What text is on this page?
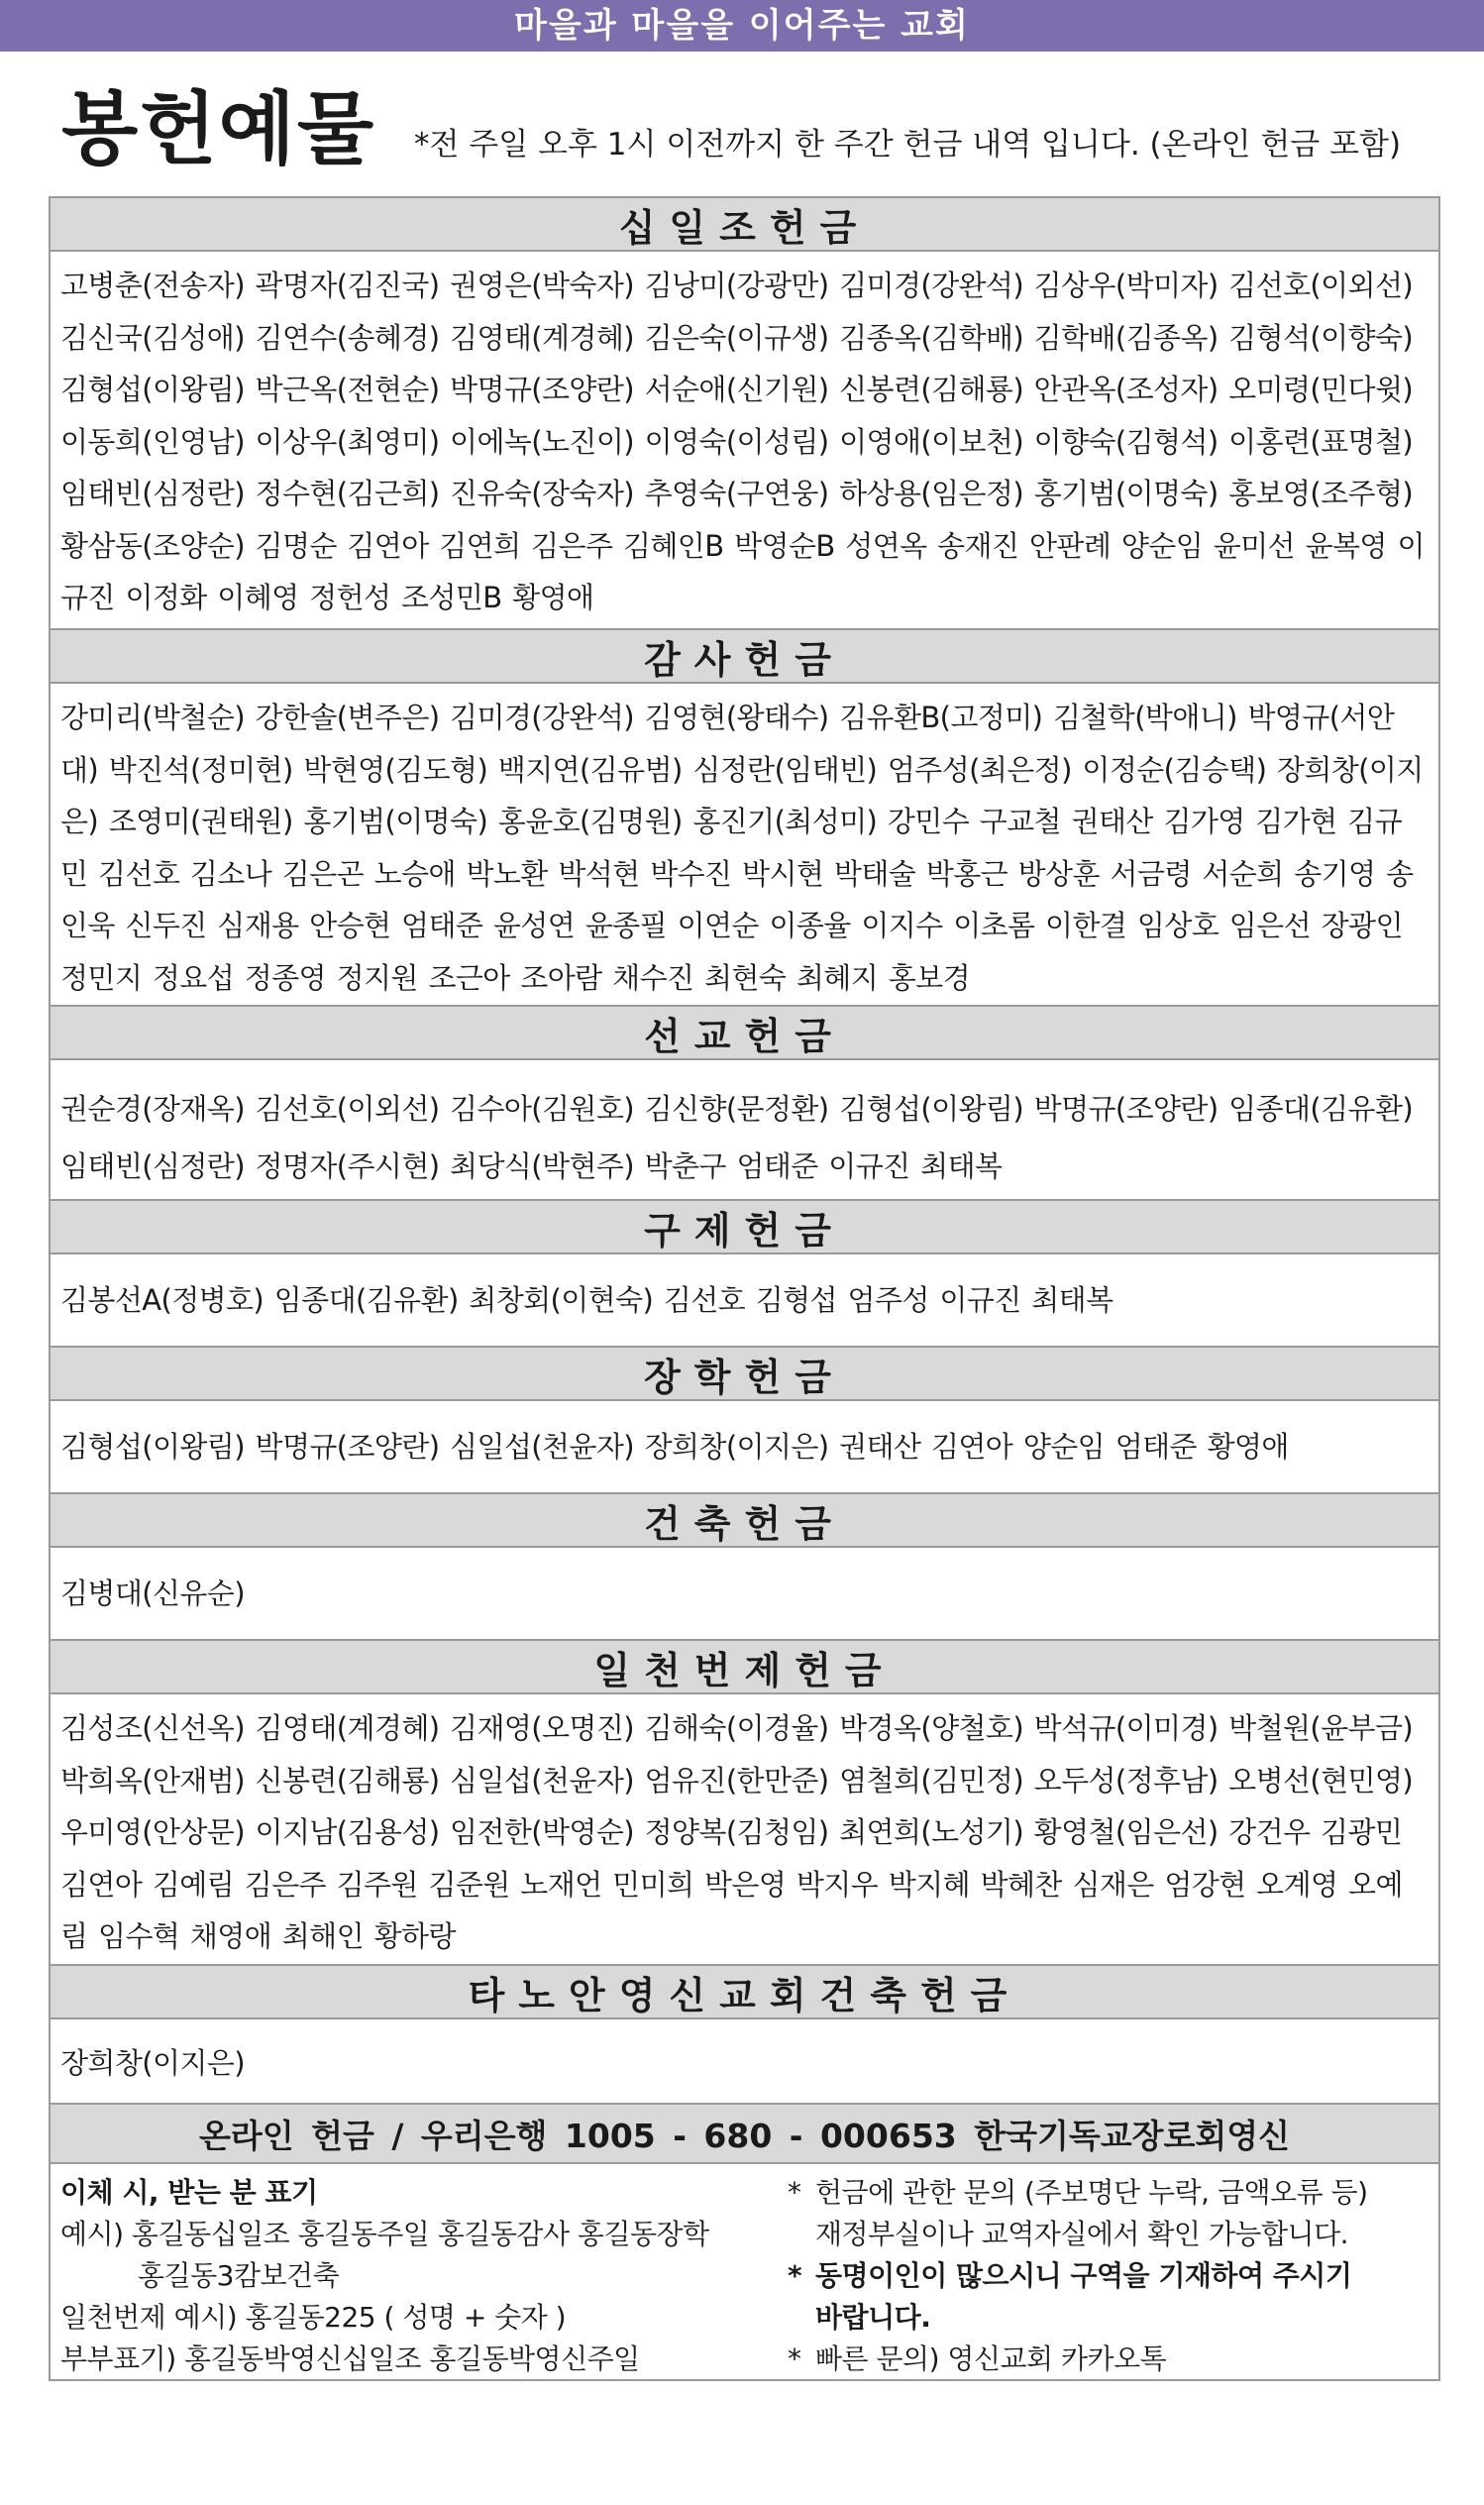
마을과 마을을 이어주는 교회
봉헌예물 *전 주일 오후 1시 이전까지 한 주간 헌금 내역 입니다. (온라인 헌금 포함)
십일조헌금
고병춘(전송자) 곽명자(김진국) 권영은(박숙자) 김낭미(강광만) 김미경(강완석) 김상우(박미자) 김선호(이외선) 김신국(김성애) 김연수(송혜경) 김영태(계경혜) 김은숙(이규생) 김종옥(김학배) 김학배(김종옥) 김형석(이향숙) 김형섭(이왕림) 박근옥(전현순) 박명규(조양란) 서순애(신기원) 신봉련(김해룡) 안관옥(조성자) 오미령(민다윗) 이동희(인영남) 이상우(최영미) 이에녹(노진이) 이영숙(이성림) 이영애(이보천) 이향숙(김형석) 이홍련(표명철) 임태빈(심정란) 정수현(김근희) 진유숙(장숙자) 추영숙(구연웅) 하상용(임은정) 홍기범(이명숙) 홍보영(조주형) 황삼동(조양순) 김명순 김연아 김연희 김은주 김혜인B 박영순B 성연옥 송재진 안판례 양순임 윤미선 윤복영 이규진 이정화 이혜영 정헌성 조성민B 황영애
감사헌금
강미리(박철순) 강한솔(변주은) 김미경(강완석) 김영현(왕태수) 김유환B(고정미) 김철학(박애니) 박영규(서안대) 박진석(정미현) 박현영(김도형) 백지연(김유범) 심정란(임태빈) 엄주성(최은정) 이정순(김승택) 장희창(이지은) 조영미(권태원) 홍기범(이명숙) 홍윤호(김명원) 홍진기(최성미) 강민수 구교철 권태산 김가영 김가현 김규민 김선호 김소나 김은곤 노승애 박노환 박석현 박수진 박시현 박태술 박홍근 방상훈 서금령 서순희 송기영 송인욱 신두진 심재용 안승현 엄태준 윤성연 윤종필 이연순 이종율 이지수 이초롬 이한결 임상호 임은선 장광인 정민지 정요섭 정종영 정지원 조근아 조아람 채수진 최현숙 최혜지 홍보경
선교헌금
권순경(장재옥) 김선호(이외선) 김수아(김원호) 김신향(문정환) 김형섭(이왕림) 박명규(조양란) 임종대(김유환) 임태빈(심정란) 정명자(주시현) 최당식(박현주) 박춘구 엄태준 이규진 최태복
구제헌금
김봉선A(정병호) 임종대(김유환) 최창회(이현숙) 김선호 김형섭 엄주성 이규진 최태복
장학헌금
김형섭(이왕림) 박명규(조양란) 심일섭(천윤자) 장희창(이지은) 권태산 김연아 양순임 엄태준 황영애
건축헌금
김병대(신유순)
일천번제헌금
김성조(신선옥) 김영태(계경혜) 김재영(오명진) 김해숙(이경율) 박경옥(양철호) 박석규(이미경) 박철원(윤부금) 박희옥(안재범) 신봉련(김해룡) 심일섭(천윤자) 엄유진(한만준) 염철희(김민정) 오두성(정후남) 오병선(현민영) 우미영(안상문) 이지남(김용성) 임전한(박영순) 정양복(김청임) 최연희(노성기) 황영철(임은선) 강건우 김광민 김연아 김예림 김은주 김주원 김준원 노재언 민미희 박은영 박지우 박지혜 박혜찬 심재은 엄강현 오계영 오예림 임수혁 채영애 최해인 황하랑
타노안영신교회건축헌금
장희창(이지은)
온라인 헌금 / 우리은행 1005 - 680 - 000653 한국기독교장로회영신
이체 시, 받는 분 표기
예시) 홍길동십일조 홍길동주일 홍길동감사 홍길동장학
홍길동3캄보건축
일천번제 예시) 홍길동225 ( 성명 + 숫자 )
부부표기) 홍길동박영신십일조 홍길동박영신주일
* 헌금에 관한 문의 (주보명단 누락, 금액오류 등)
재정부실이나 교역자실에서 확인 가능합니다.
* 동명이인이 많으시니 구역을 기재하여 주시기
바랍니다.
* 빠른 문의) 영신교회 카카오톡
